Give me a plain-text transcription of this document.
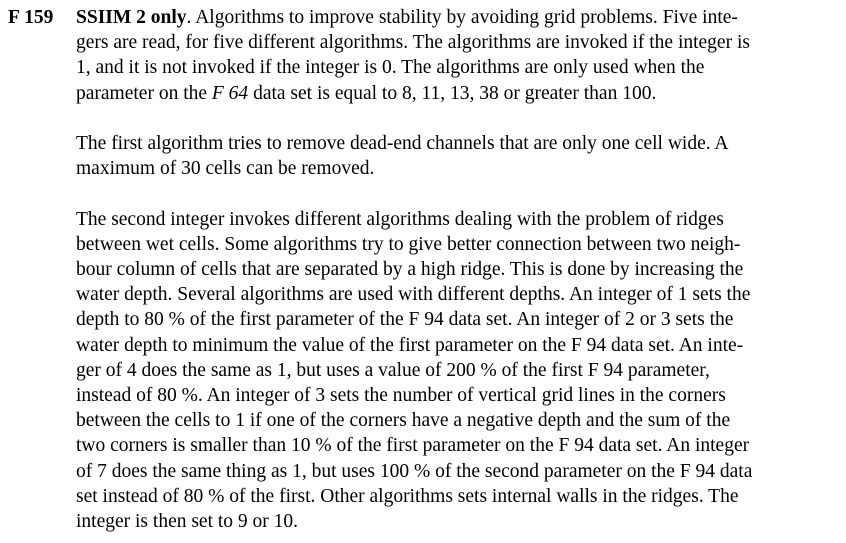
F 159 SSIIM 2 only. Algorithms to improve stability by avoiding grid problems. Five inte-
gers are read, for five different algorithms. The algorithms are invoked if the integer is
1, and it is not invoked if the integer is 0. The algorithms are only used when the
parameter on the F 64 data set is equal to 8, 11, 13, 38 or greater than 100.
The first algorithm tries to remove dead-end channels that are only one cell wide. A
maximum of 30 cells can be removed.
The second integer invokes different algorithms dealing with the problem of ridges
between wet cells. Some algorithms try to give better connection between two neigh-
bour column of cells that are separated by a high ridge. This is done by increasing the
water depth. Several algorithms are used with different depths. An integer of 1 sets the
depth to 80 % of the first parameter of the F 94 data set. An integer of 2 or 3 sets the
water depth to minimum the value of the first parameter on the F 94 data set. An inte-
ger of 4 does the same as 1, but uses a value of 200 % of the first F 94 parameter,
instead of 80 %. An integer of 3 sets the number of vertical grid lines in the corners
between the cells to 1 if one of the corners have a negative depth and the sum of the
two corners is smaller than 10 % of the first parameter on the F 94 data set. An integer
of 7 does the same thing as 1, but uses 100 % of the second parameter on the F 94 data
set instead of 80 % of the first. Other algorithms sets internal walls in the ridges. The
integer is then set to 9 or 10.
